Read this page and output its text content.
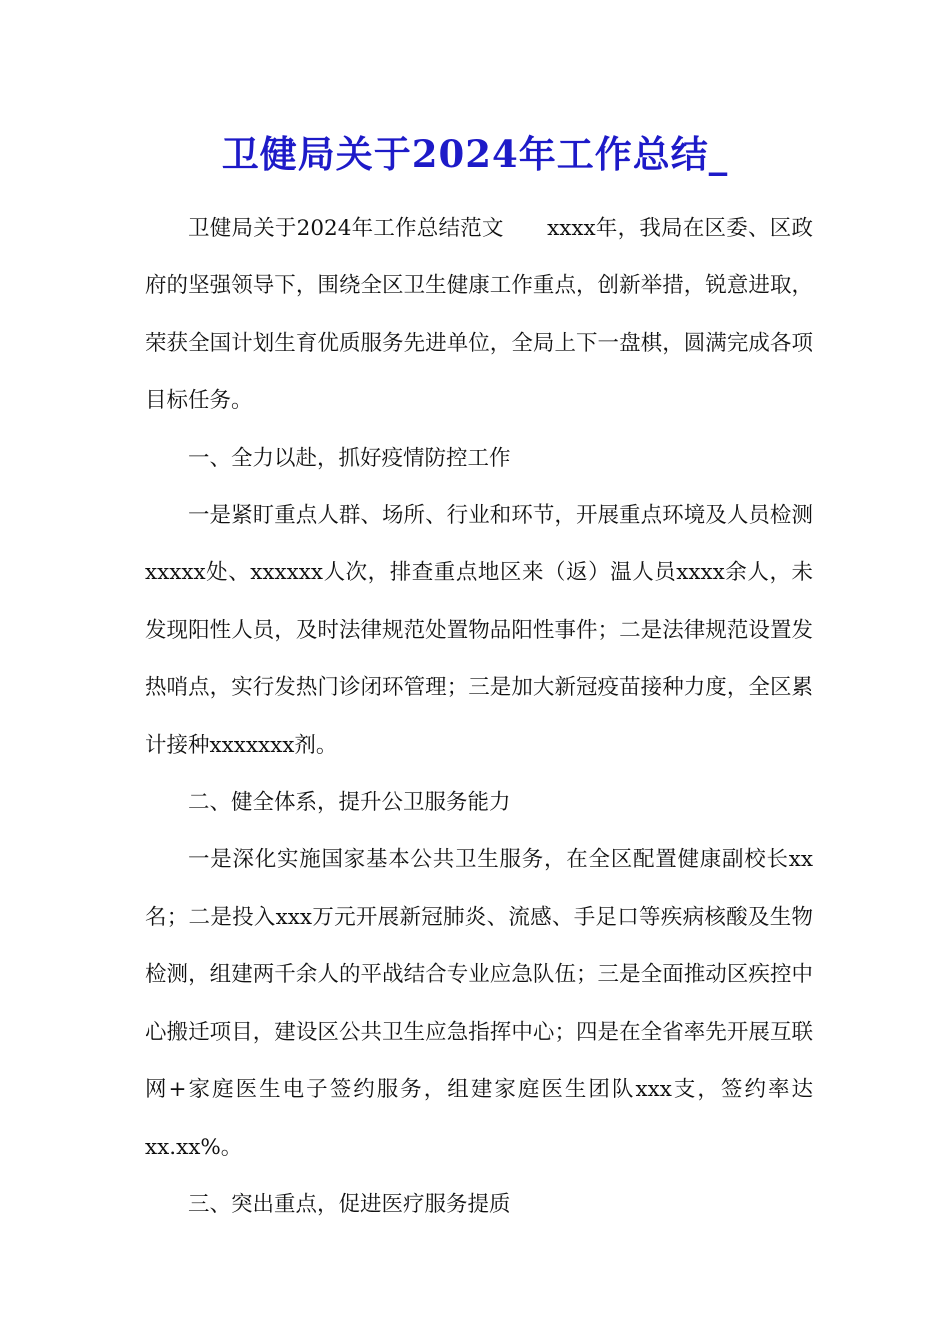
卫健局关于2024年工作总结_

卫健局关于2024年工作总结范文　　xxxx年，我局在区委、区政府的坚强领导下，围绕全区卫生健康工作重点，创新举措，锐意进取，荣获全国计划生育优质服务先进单位，全局上下一盘棋，圆满完成各项目标任务。

一、全力以赴，抓好疫情防控工作

一是紧盯重点人群、场所、行业和环节，开展重点环境及人员检测xxxxx处、xxxxxx人次，排查重点地区来（返）温人员xxxx余人，未发现阳性人员，及时法律规范处置物品阳性事件；二是法律规范设置发热哨点，实行发热门诊闭环管理；三是加大新冠疫苗接种力度，全区累计接种xxxxxxx剂。

二、健全体系，提升公卫服务能力

一是深化实施国家基本公共卫生服务，在全区配置健康副校长xx名；二是投入xxx万元开展新冠肺炎、流感、手足口等疾病核酸及生物检测，组建两千余人的平战结合专业应急队伍；三是全面推动区疾控中心搬迁项目，建设区公共卫生应急指挥中心；四是在全省率先开展互联网+家庭医生电子签约服务，组建家庭医生团队xxx支，签约率达xx.xx%。

三、突出重点，促进医疗服务提质
